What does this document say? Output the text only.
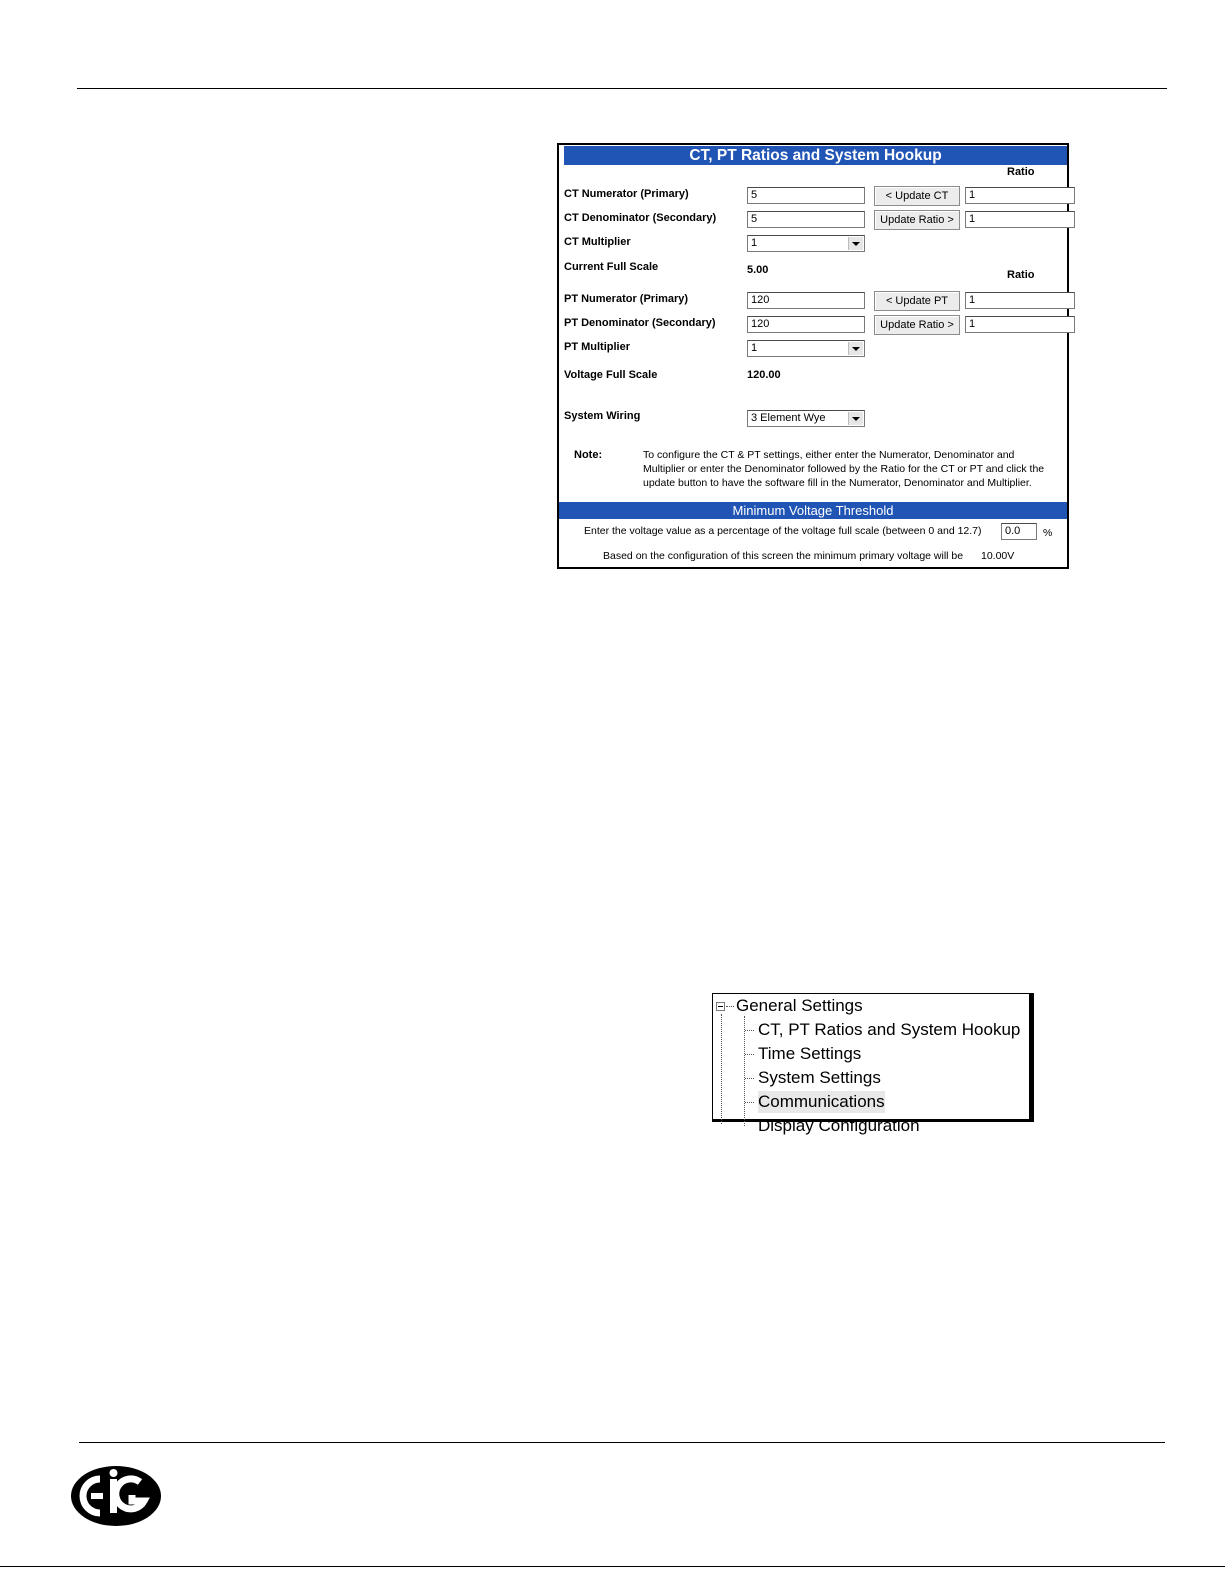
CT, PT Ratios and System Hookup
Ratio
CT Numerator (Primary)	5	< Update CT	1
CT Denominator (Secondary)	5	Update Ratio >	1
CT Multiplier	1
Current Full Scale	5.00	Ratio
PT Numerator (Primary)	120	< Update PT	1
PT Denominator (Secondary)	120	Update Ratio >	1
PT Multiplier	1
Voltage Full Scale	120.00
System Wiring	3 Element Wye
Note:	To configure the CT & PT settings, either enter the Numerator, Denominator and
Multiplier or enter the Denominator followed by the Ratio for the CT or PT and click the
update button to have the software fill in the Numerator, Denominator and Multiplier.
Minimum Voltage Threshold
Enter the voltage value as a percentage of the voltage full scale (between 0 and 12.7)	0.0	%
Based on the configuration of this screen the minimum primary voltage will be 10.00V
General Settings
CT, PT Ratios and System Hookup
Time Settings
System Settings
Communications
Display Configuration
